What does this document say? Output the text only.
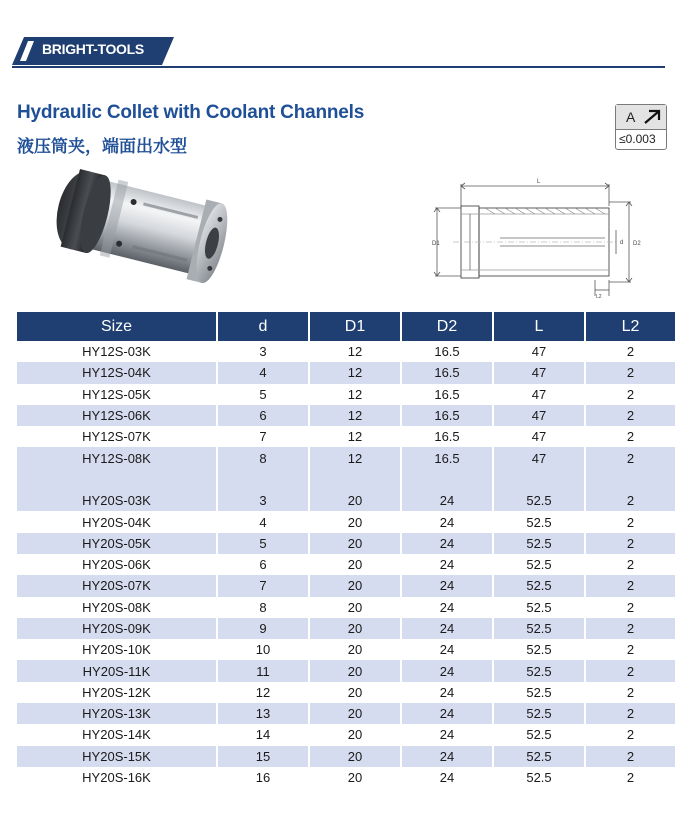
BRIGHT-TOOLS
Hydraulic Collet with Coolant Channels
液压筒夹，端面出水型
A
≤0.003
L
D1	d D2
L2
Size	d	D1	D2	L	L2
HY12S-03K	3	12	16.5	47	2
HY12S-04K	4	12	16.5	47	2
HY12S-05K	5	12	16.5	47	2
HY12S-06K	6	12	16.5	47	2
HY12S-07K	7	12	16.5	47	2
HY12S-08K	8	12	16.5	47	2

HY20S-03K	3	20	24	52.5	2
HY20S-04K	4	20	24	52.5	2
HY20S-05K	5	20	24	52.5	2
HY20S-06K	6	20	24	52.5	2
HY20S-07K	7	20	24	52.5	2
HY20S-08K	8	20	24	52.5	2
HY20S-09K	9	20	24	52.5	2
HY20S-10K	10	20	24	52.5	2
HY20S-11K	11	20	24	52.5	2
HY20S-12K	12	20	24	52.5	2
HY20S-13K	13	20	24	52.5	2
HY20S-14K	14	20	24	52.5	2
HY20S-15K	15	20	24	52.5	2
HY20S-16K	16	20	24	52.5	2
